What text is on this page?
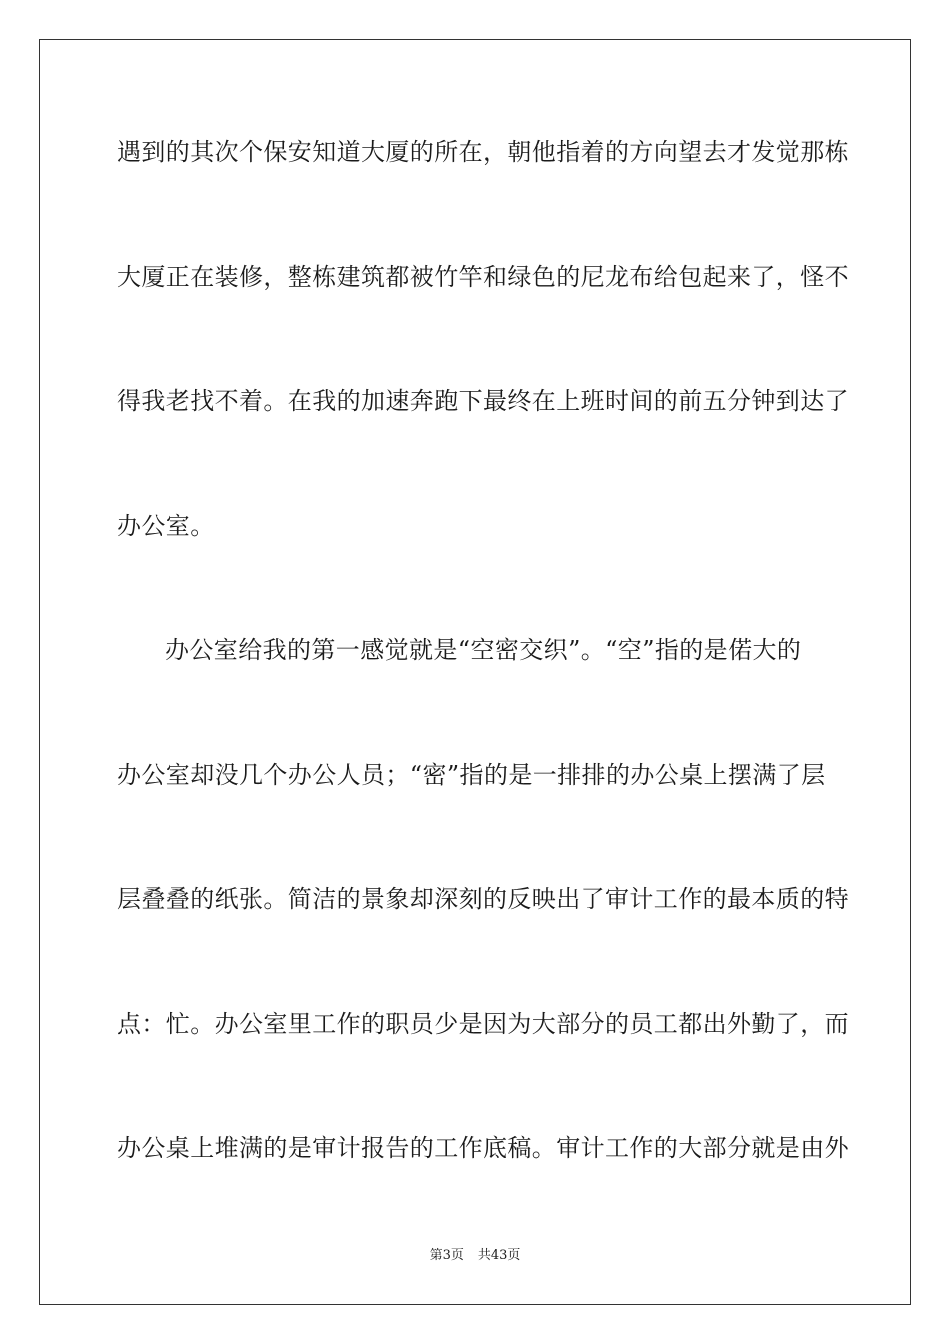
遇到的其次个保安知道大厦的所在，朝他指着的方向望去才发觉那栋
大厦正在装修，整栋建筑都被竹竿和绿色的尼龙布给包起来了，怪不
得我老找不着。在我的加速奔跑下最终在上班时间的前五分钟到达了
办公室。
办公室给我的第一感觉就是“空密交织”。“空”指的是偌大的
办公室却没几个办公人员；“密”指的是一排排的办公桌上摆满了层
层叠叠的纸张。简洁的景象却深刻的反映出了审计工作的最本质的特
点：忙。办公室里工作的职员少是因为大部分的员工都出外勤了，而
办公桌上堆满的是审计报告的工作底稿。审计工作的大部分就是由外
第3页 共43页
